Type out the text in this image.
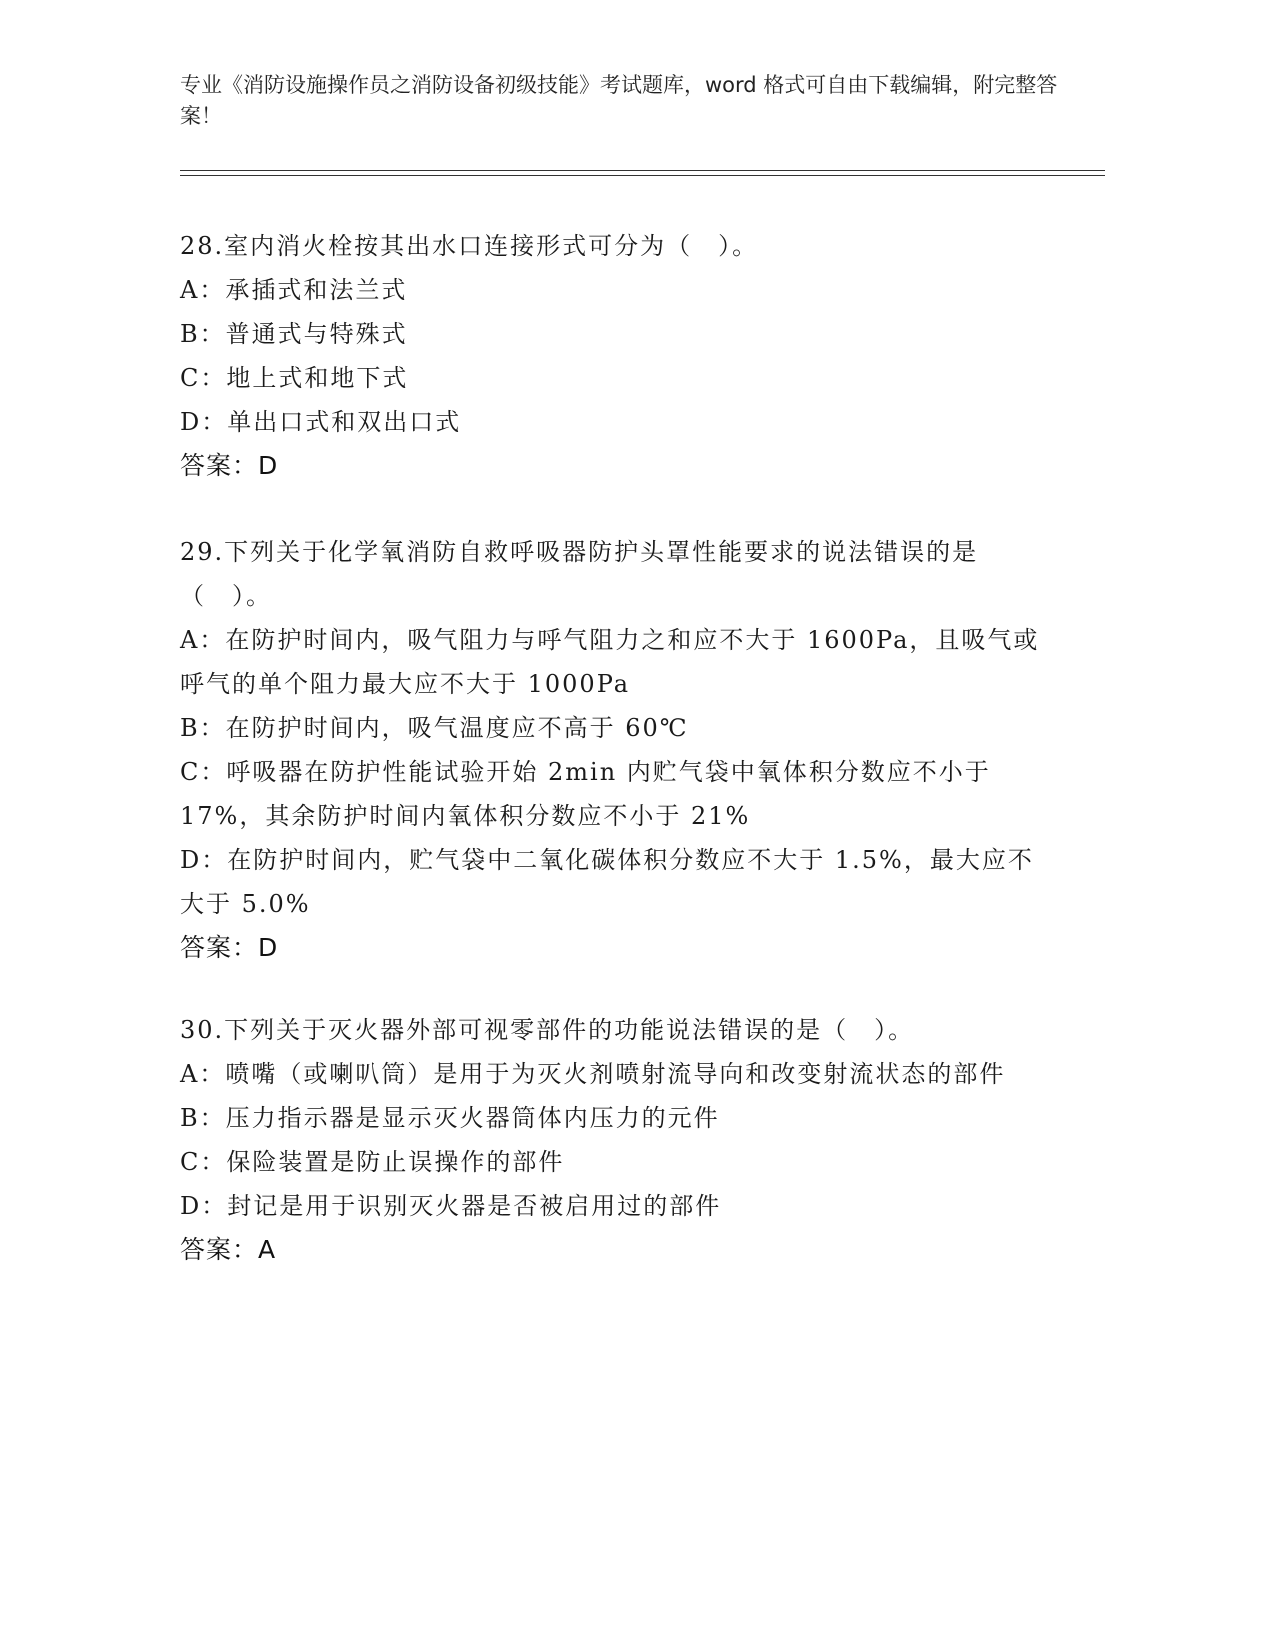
专业《消防设施操作员之消防设备初级技能》考试题库，word 格式可自由下载编辑，附完整答案！
28.室内消火栓按其出水口连接形式可分为（　）。
A：承插式和法兰式
B：普通式与特殊式
C：地上式和地下式
D：单出口式和双出口式
答案：D
29.下列关于化学氧消防自救呼吸器防护头罩性能要求的说法错误的是（　）。
A：在防护时间内，吸气阻力与呼气阻力之和应不大于 1600Pa，且吸气或呼气的单个阻力最大应不大于 1000Pa
B：在防护时间内，吸气温度应不高于 60℃
C：呼吸器在防护性能试验开始 2min 内贮气袋中氧体积分数应不小于 17%，其余防护时间内氧体积分数应不小于 21%
D：在防护时间内，贮气袋中二氧化碳体积分数应不大于 1.5%，最大应不大于 5.0%
答案：D
30.下列关于灭火器外部可视零部件的功能说法错误的是（　）。
A：喷嘴（或喇叭筒）是用于为灭火剂喷射流导向和改变射流状态的部件
B：压力指示器是显示灭火器筒体内压力的元件
C：保险装置是防止误操作的部件
D：封记是用于识别灭火器是否被启用过的部件
答案：A
